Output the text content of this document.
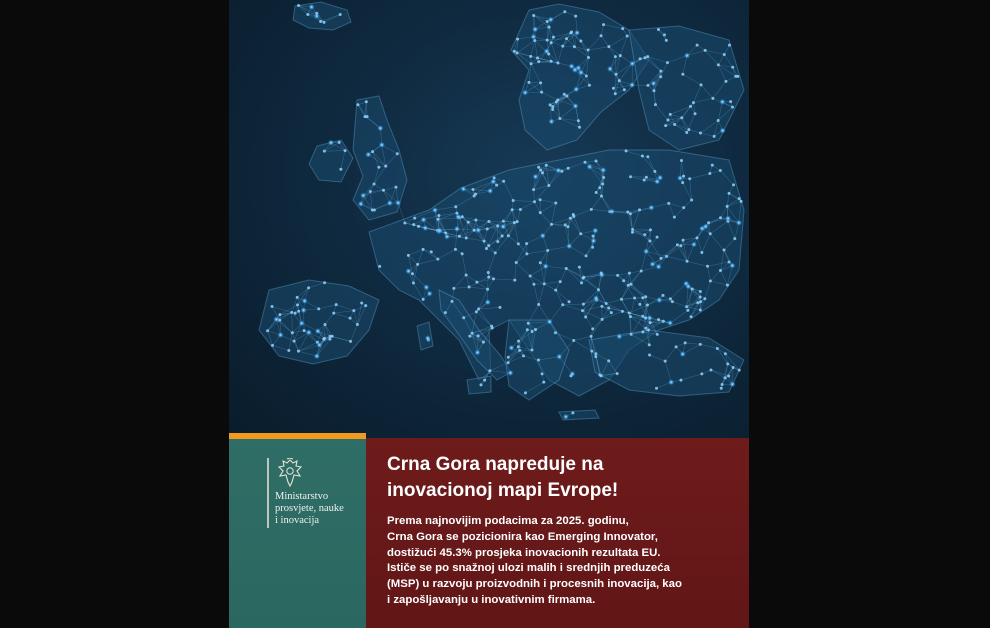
Ministarstvo
prosvjete, nauke
i inovacija
Crna Gora napreduje na
inovacionoj mapi Evrope!
Prema najnovijim podacima za 2025. godinu,
Crna Gora se pozicionira kao Emerging Innovator,
dostižući 45.3% prosjeka inovacionih rezultata EU.
Ističe se po snažnoj ulozi malih i srednjih preduzeća
(MSP) u razvoju proizvodnih i procesnih inovacija, kao
i zapošljavanju u inovativnim firmama.
